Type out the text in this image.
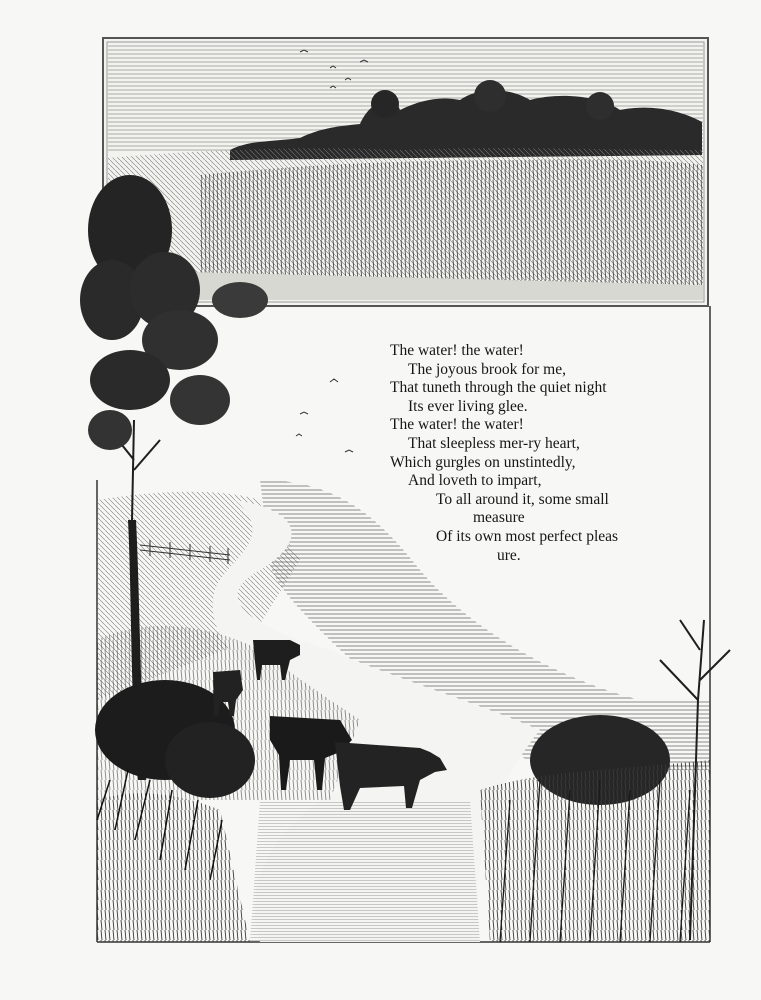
The water! the water!
The joyous brook for me,
That tuneth through the quiet night
Its ever living glee.
The water! the water!
That sleepless mer-ry heart,
Which gurgles on unstintedly,
And loveth to impart,
To all around it, some small
measure
Of its own most perfect pleas
ure.
